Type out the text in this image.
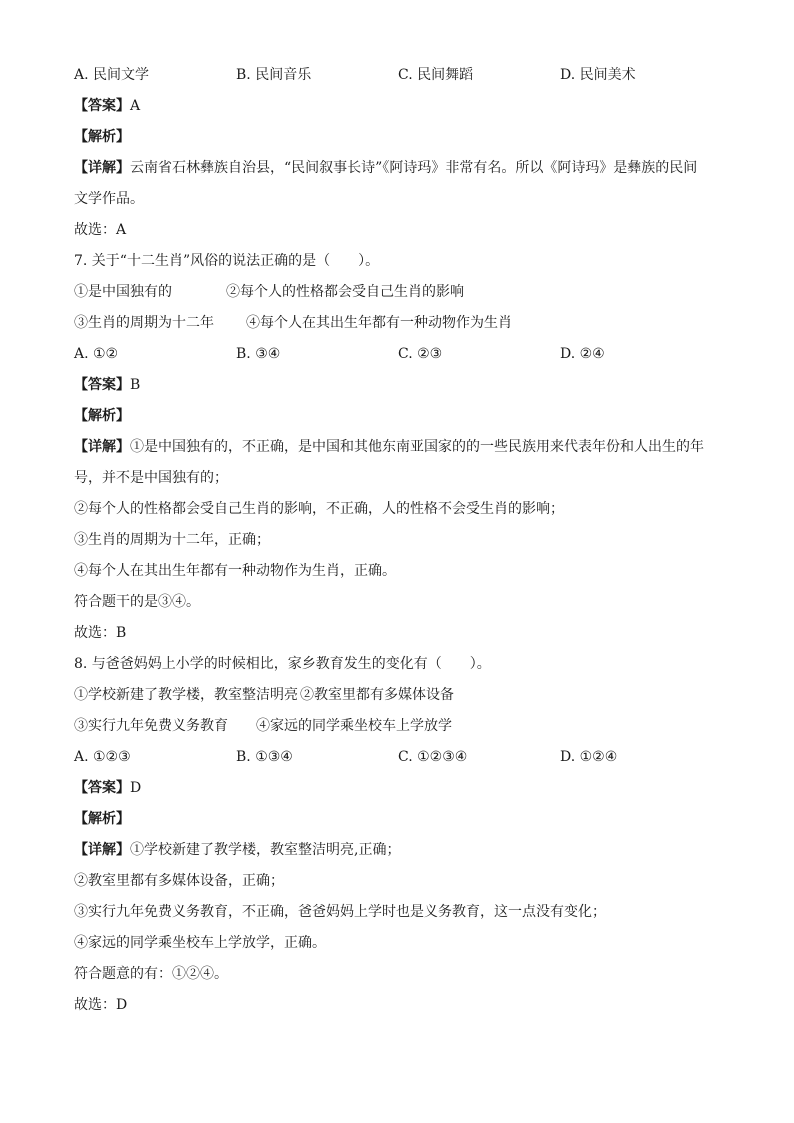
A. 民间文学	B. 民间音乐	C. 民间舞蹈	D. 民间美术
【答案】A
【解析】
【详解】云南省石林彝族自治县，“民间叙事长诗”《阿诗玛》非常有名。所以《阿诗玛》是彝族的民间
文学作品。
故选：A
7. 关于“十二生肖”风俗的说法正确的是（　　）。
①是中国独有的	②每个人的性格都会受自己生肖的影响
③生肖的周期为十二年 ④每个人在其出生年都有一种动物作为生肖
A. ①②	B. ③④	C. ②③	D. ②④
【答案】B
【解析】
【详解】①是中国独有的，不正确，是中国和其他东南亚国家的的一些民族用来代表年份和人出生的年
号，并不是中国独有的；
②每个人的性格都会受自己生肖的影响，不正确，人的性格不会受生肖的影响；
③生肖的周期为十二年，正确；
④每个人在其出生年都有一种动物作为生肖，正确。
符合题干的是③④。
故选：B
8. 与爸爸妈妈上小学的时候相比，家乡教育发生的变化有（　　）。
①学校新建了教学楼，教室整洁明亮 ②教室里都有多媒体设备
③实行九年免费义务教育 ④家远的同学乘坐校车上学放学
A. ①②③	B. ①③④	C. ①②③④	D. ①②④
【答案】D
【解析】
【详解】①学校新建了教学楼，教室整洁明亮,正确；
②教室里都有多媒体设备，正确；
③实行九年免费义务教育，不正确，爸爸妈妈上学时也是义务教育，这一点没有变化；
④家远的同学乘坐校车上学放学，正确。
符合题意的有：①②④。
故选：D
